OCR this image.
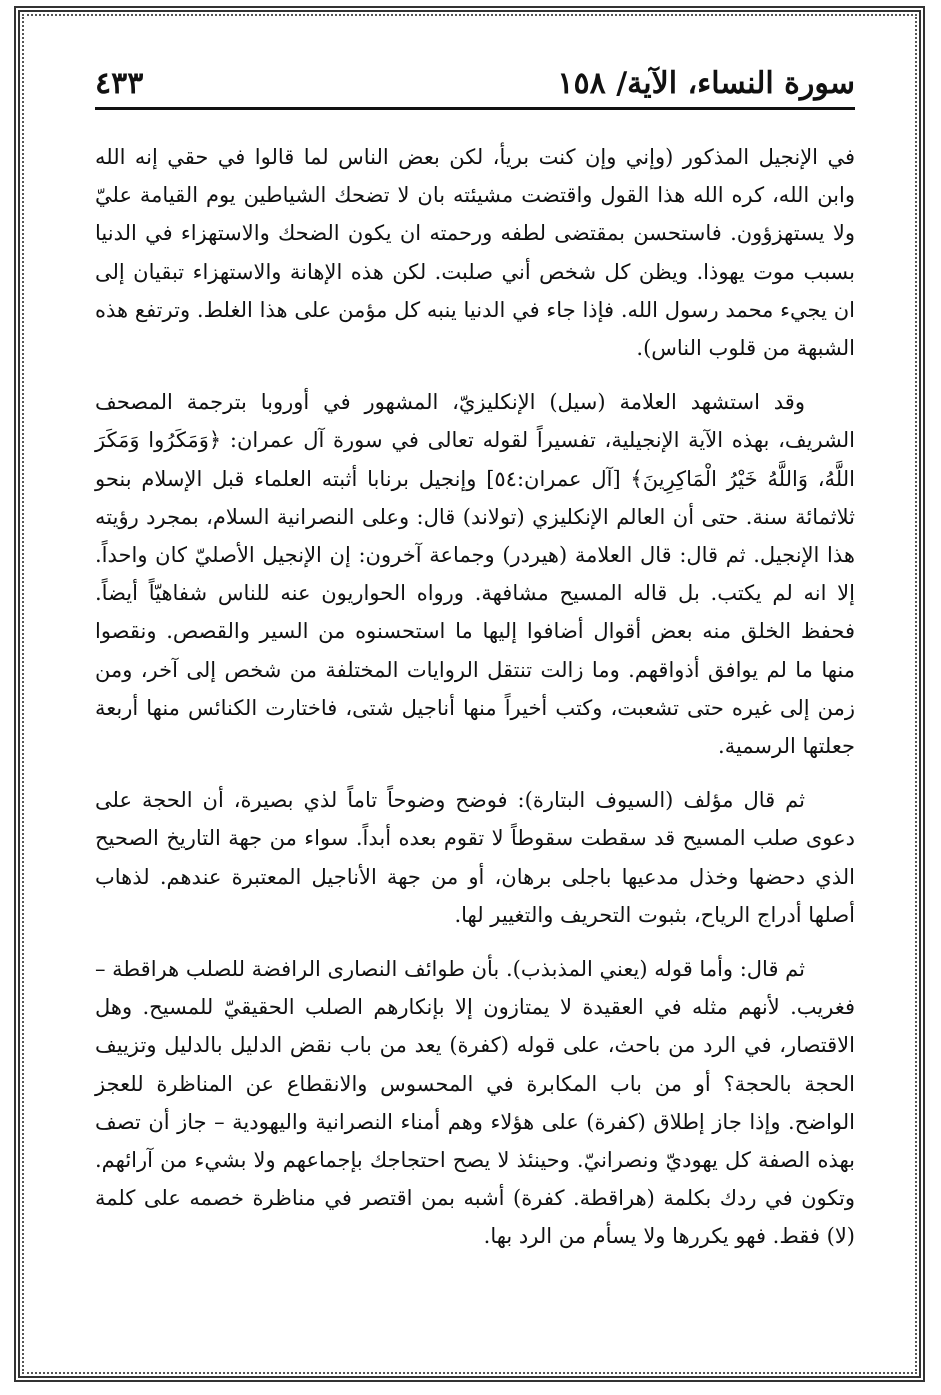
سورة النساء، الآية/ ١٥٨
٤٣٣

في الإنجيل المذكور (وإني وإن كنت بريأ، لكن بعض الناس لما قالوا في حقي إنه الله وابن الله، كره الله هذا القول واقتضت مشيئته بان لا تضحك الشياطين يوم القيامة عليّ ولا يستهزؤون. فاستحسن بمقتضى لطفه ورحمته ان يكون الضحك والاستهزاء في الدنيا بسبب موت يهوذا. ويظن كل شخص أني صلبت. لكن هذه الإهانة والاستهزاء تبقيان إلى ان يجيء محمد رسول الله. فإذا جاء في الدنيا ينبه كل مؤمن على هذا الغلط. وترتفع هذه الشبهة من قلوب الناس).

وقد استشهد العلامة (سيل) الإنكليزيّ، المشهور في أوروبا بترجمة المصحف الشريف، بهذه الآية الإنجيلية، تفسيراً لقوله تعالى في سورة آل عمران: ﴿وَمَكَرُوا وَمَكَرَ اللَّهُ، وَاللَّهُ خَيْرُ الْمَاكِرِينَ﴾ [آل عمران:٥٤] وإنجيل برنابا أثبته العلماء قبل الإسلام بنحو ثلاثمائة سنة. حتى أن العالم الإنكليزي (تولاند) قال: وعلى النصرانية السلام، بمجرد رؤيته هذا الإنجيل. ثم قال: قال العلامة (هيردر) وجماعة آخرون: إن الإنجيل الأصليّ كان واحداً. إلا انه لم يكتب. بل قاله المسيح مشافهة. ورواه الحواريون عنه للناس شفاهيّاً أيضاً. فحفظ الخلق منه بعض أقوال أضافوا إليها ما استحسنوه من السير والقصص. ونقصوا منها ما لم يوافق أذواقهم. وما زالت تنتقل الروايات المختلفة من شخص إلى آخر، ومن زمن إلى غيره حتى تشعبت، وكتب أخيراً منها أناجيل شتى، فاختارت الكنائس منها أربعة جعلتها الرسمية.

ثم قال مؤلف (السيوف البتارة): فوضح وضوحاً تاماً لذي بصيرة، أن الحجة على دعوى صلب المسيح قد سقطت سقوطاً لا تقوم بعده أبداً. سواء من جهة التاريخ الصحيح الذي دحضها وخذل مدعيها باجلى برهان، أو من جهة الأناجيل المعتبرة عندهم. لذهاب أصلها أدراج الرياح، بثبوت التحريف والتغيير لها.

ثم قال: وأما قوله (يعني المذبذب). بأن طوائف النصارى الرافضة للصلب هراقطة – فغريب. لأنهم مثله في العقيدة لا يمتازون إلا بإنكارهم الصلب الحقيقيّ للمسيح. وهل الاقتصار، في الرد من باحث، على قوله (كفرة) يعد من باب نقض الدليل بالدليل وتزييف الحجة بالحجة؟ أو من باب المكابرة في المحسوس والانقطاع عن المناظرة للعجز الواضح. وإذا جاز إطلاق (كفرة) على هؤلاء وهم أمناء النصرانية واليهودية – جاز أن تصف بهذه الصفة كل يهوديّ ونصرانيّ. وحينئذ لا يصح احتجاجك بإجماعهم ولا بشيء من آرائهم. وتكون في ردك بكلمة (هراقطة. كفرة) أشبه بمن اقتصر في مناظرة خصمه على كلمة (لا) فقط. فهو يكررها ولا يسأم من الرد بها.
